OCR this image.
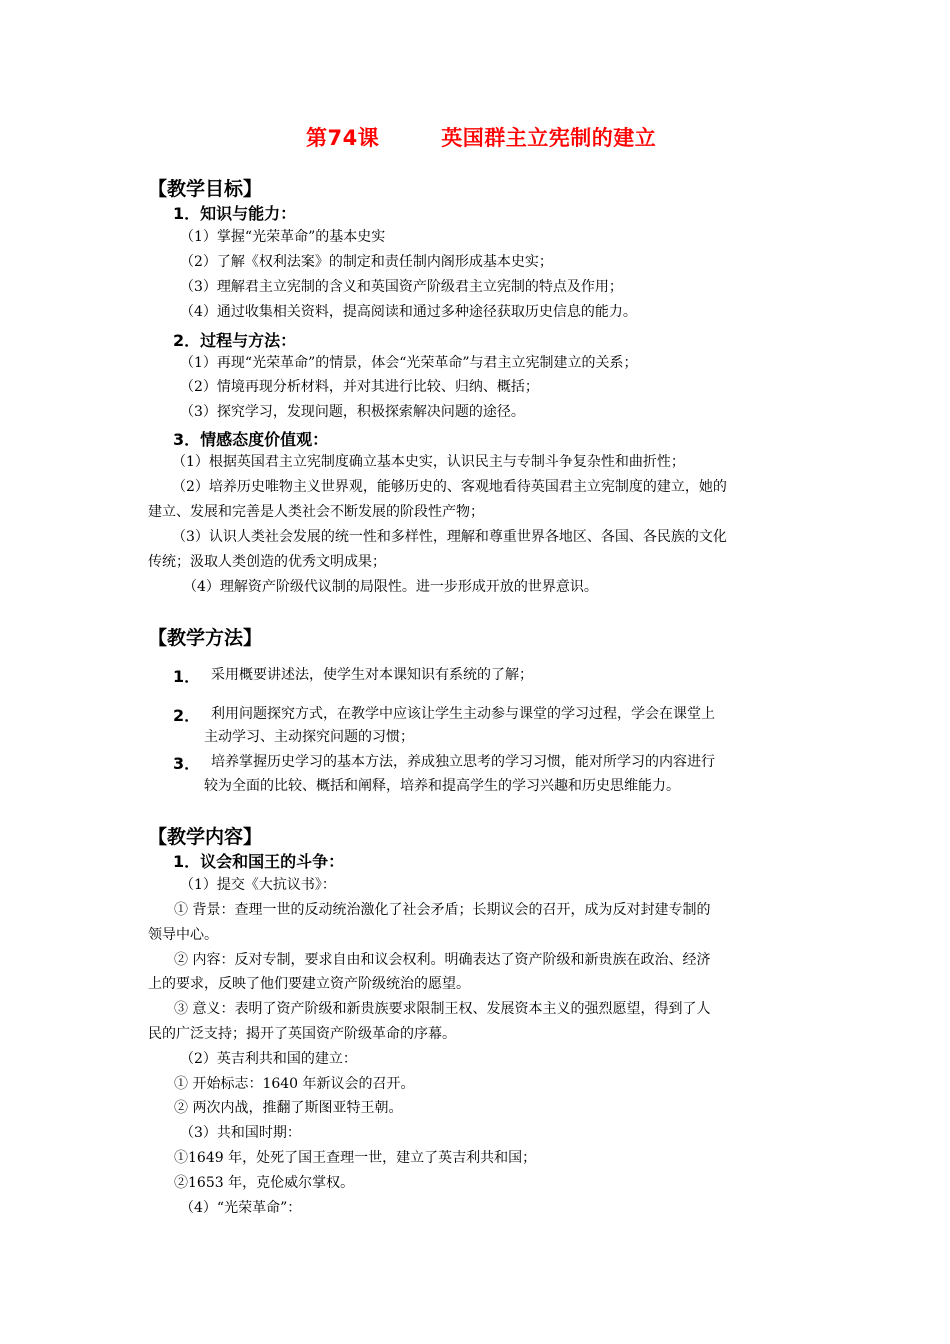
第74课	英国群主立宪制的建立
【教学目标】
1．知识与能力：
（1）掌握“光荣革命”的基本史实
（2）了解《权利法案》的制定和责任制内阁形成基本史实；
（3）理解君主立宪制的含义和英国资产阶级君主立宪制的特点及作用；
（4）通过收集相关资料，提高阅读和通过多种途径获取历史信息的能力。
2．过程与方法：
（1）再现“光荣革命”的情景，体会“光荣革命”与君主立宪制建立的关系；
（2）情境再现分析材料，并对其进行比较、归纳、概括；
（3）探究学习，发现问题，积极探索解决问题的途径。
3．情感态度价值观：
（1）根据英国君主立宪制度确立基本史实，认识民主与专制斗争复杂性和曲折性；
（2）培养历史唯物主义世界观，能够历史的、客观地看待英国君主立宪制度的建立，她的
建立、发展和完善是人类社会不断发展的阶段性产物；
（3）认识人类社会发展的统一性和多样性，理解和尊重世界各地区、各国、各民族的文化
传统；汲取人类创造的优秀文明成果；
（4）理解资产阶级代议制的局限性。进一步形成开放的世界意识。
【教学方法】
1． 采用概要讲述法，使学生对本课知识有系统的了解；
2． 利用问题探究方式，在教学中应该让学生主动参与课堂的学习过程，学会在课堂上
主动学习、主动探究问题的习惯；
3． 培养掌握历史学习的基本方法，养成独立思考的学习习惯，能对所学习的内容进行
较为全面的比较、概括和阐释，培养和提高学生的学习兴趣和历史思维能力。
【教学内容】
1．议会和国王的斗争：
（1）提交《大抗议书》：
① 背景：查理一世的反动统治激化了社会矛盾；长期议会的召开，成为反对封建专制的
领导中心。
② 内容：反对专制，要求自由和议会权利。明确表达了资产阶级和新贵族在政治、经济
上的要求，反映了他们要建立资产阶级统治的愿望。
③ 意义：表明了资产阶级和新贵族要求限制王权、发展资本主义的强烈愿望，得到了人
民的广泛支持；揭开了英国资产阶级革命的序幕。
（2）英吉利共和国的建立：
① 开始标志：1640 年新议会的召开。
② 两次内战，推翻了斯图亚特王朝。
（3）共和国时期：
①1649 年，处死了国王查理一世，建立了英吉利共和国；
②1653 年，克伦威尔掌权。
（4）“光荣革命”：
